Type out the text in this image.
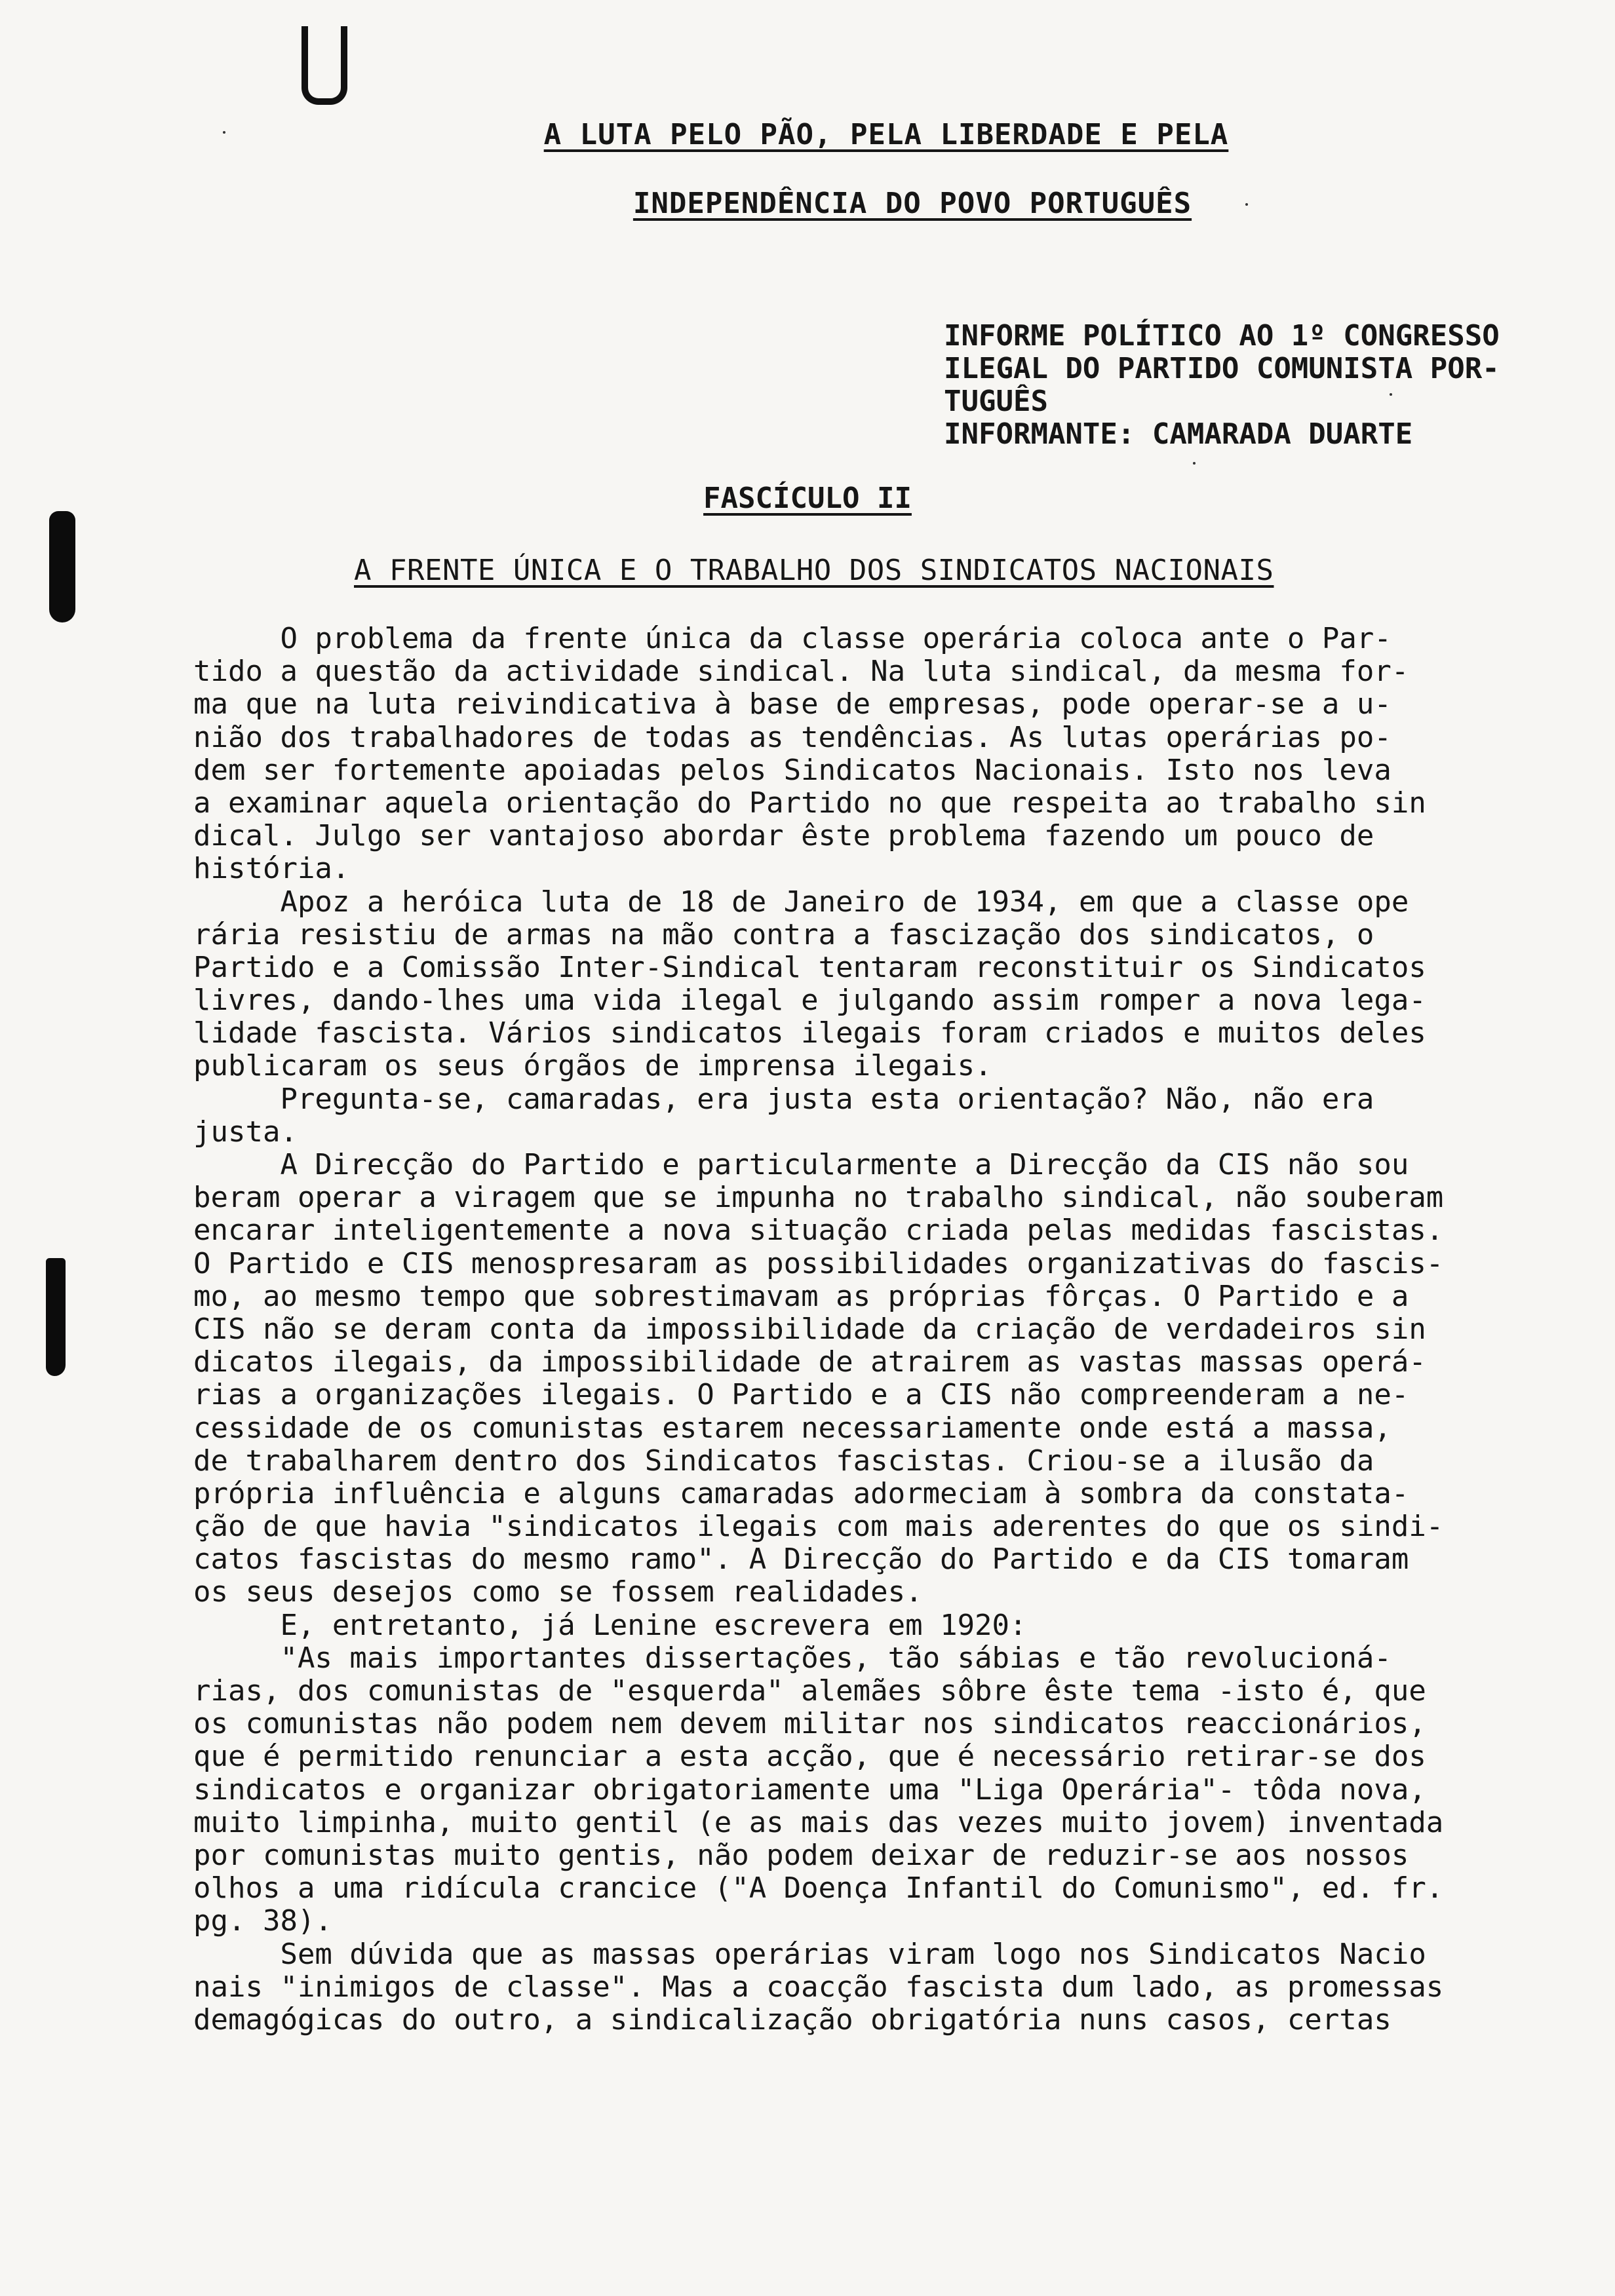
A LUTA PELO PÃO, PELA LIBERDADE E PELA
INDEPENDÊNCIA DO POVO PORTUGUÊS
INFORME POLÍTICO AO 1º CONGRESSO
ILEGAL DO PARTIDO COMUNISTA POR-
TUGUÊS
INFORMANTE: CAMARADA DUARTE
FASCÍCULO II
A FRENTE ÚNICA E O TRABALHO DOS SINDICATOS NACIONAIS
O problema da frente única da classe operária coloca ante o Par-
tido a questão da actividade sindical. Na luta sindical, da mesma for-
ma que na luta reivindicativa à base de empresas, pode operar-se a u-
nião dos trabalhadores de todas as tendências. As lutas operárias po-
dem ser fortemente apoiadas pelos Sindicatos Nacionais. Isto nos leva
a examinar aquela orientação do Partido no que respeita ao trabalho sin
dical. Julgo ser vantajoso abordar êste problema fazendo um pouco de
história.
Apoz a heróica luta de 18 de Janeiro de 1934, em que a classe ope
rária resistiu de armas na mão contra a fascização dos sindicatos, o
Partido e a Comissão Inter-Sindical tentaram reconstituir os Sindicatos
livres, dando-lhes uma vida ilegal e julgando assim romper a nova lega-
lidade fascista. Vários sindicatos ilegais foram criados e muitos deles
publicaram os seus órgãos de imprensa ilegais.
Pregunta-se, camaradas, era justa esta orientação? Não, não era
justa.
A Direcção do Partido e particularmente a Direcção da CIS não sou
beram operar a viragem que se impunha no trabalho sindical, não souberam
encarar inteligentemente a nova situação criada pelas medidas fascistas.
O Partido e CIS menospresaram as possibilidades organizativas do fascis-
mo, ao mesmo tempo que sobrestimavam as próprias fôrças. O Partido e a
CIS não se deram conta da impossibilidade da criação de verdadeiros sin
dicatos ilegais, da impossibilidade de atrairem as vastas massas operá-
rias a organizações ilegais. O Partido e a CIS não compreenderam a ne-
cessidade de os comunistas estarem necessariamente onde está a massa,
de trabalharem dentro dos Sindicatos fascistas. Criou-se a ilusão da
própria influência e alguns camaradas adormeciam à sombra da constata-
ção de que havia "sindicatos ilegais com mais aderentes do que os sindi-
catos fascistas do mesmo ramo". A Direcção do Partido e da CIS tomaram
os seus desejos como se fossem realidades.
E, entretanto, já Lenine escrevera em 1920:
"As mais importantes dissertações, tão sábias e tão revolucioná-
rias, dos comunistas de "esquerda" alemães sôbre êste tema -isto é, que
os comunistas não podem nem devem militar nos sindicatos reaccionários,
que é permitido renunciar a esta acção, que é necessário retirar-se dos
sindicatos e organizar obrigatoriamente uma "Liga Operária"- tôda nova,
muito limpinha, muito gentil (e as mais das vezes muito jovem) inventada
por comunistas muito gentis, não podem deixar de reduzir-se aos nossos
olhos a uma ridícula crancice ("A Doença Infantil do Comunismo", ed. fr.
pg. 38).
Sem dúvida que as massas operárias viram logo nos Sindicatos Nacio
nais "inimigos de classe". Mas a coacção fascista dum lado, as promessas
demagógicas do outro, a sindicalização obrigatória nuns casos, certas
